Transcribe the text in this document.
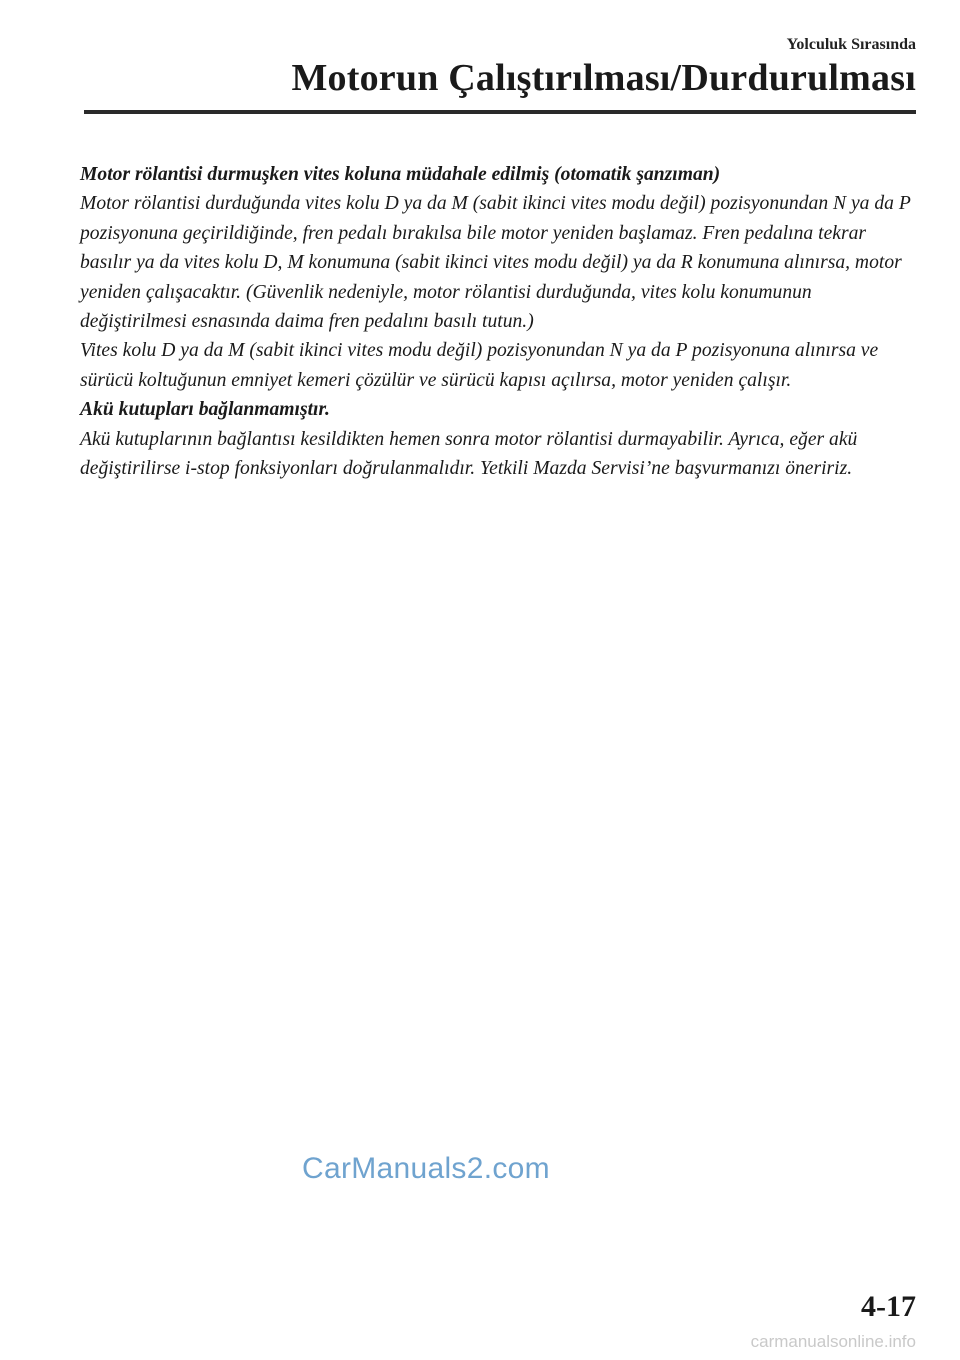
Yolculuk Sırasında
Motorun Çalıştırılması/Durdurulması

Motor rölantisi durmuşken vites koluna müdahale edilmiş (otomatik şanzıman)

Motor rölantisi durduğunda vites kolu D ya da M (sabit ikinci vites modu değil) pozisyonundan N ya da P pozisyonuna geçirildiğinde, fren pedalı bırakılsa bile motor yeniden başlamaz. Fren pedalına tekrar basılır ya da vites kolu D, M konumuna (sabit ikinci vites modu değil) ya da R konumuna alınırsa, motor yeniden çalışacaktır. (Güvenlik nedeniyle, motor rölantisi durduğunda, vites kolu konumunun değiştirilmesi esnasında daima fren pedalını basılı tutun.)

Vites kolu D ya da M (sabit ikinci vites modu değil) pozisyonundan N ya da P pozisyonuna alınırsa ve sürücü koltuğunun emniyet kemeri çözülür ve sürücü kapısı açılırsa, motor yeniden çalışır.

Akü kutupları bağlanmamıştır.

Akü kutuplarının bağlantısı kesildikten hemen sonra motor rölantisi durmayabilir. Ayrıca, eğer akü değiştirilirse i-stop fonksiyonları doğrulanmalıdır. Yetkili Mazda Servisi’ne başvurmanızı öneririz.

CarManuals2.com
4-17
carmanualsonline.info
